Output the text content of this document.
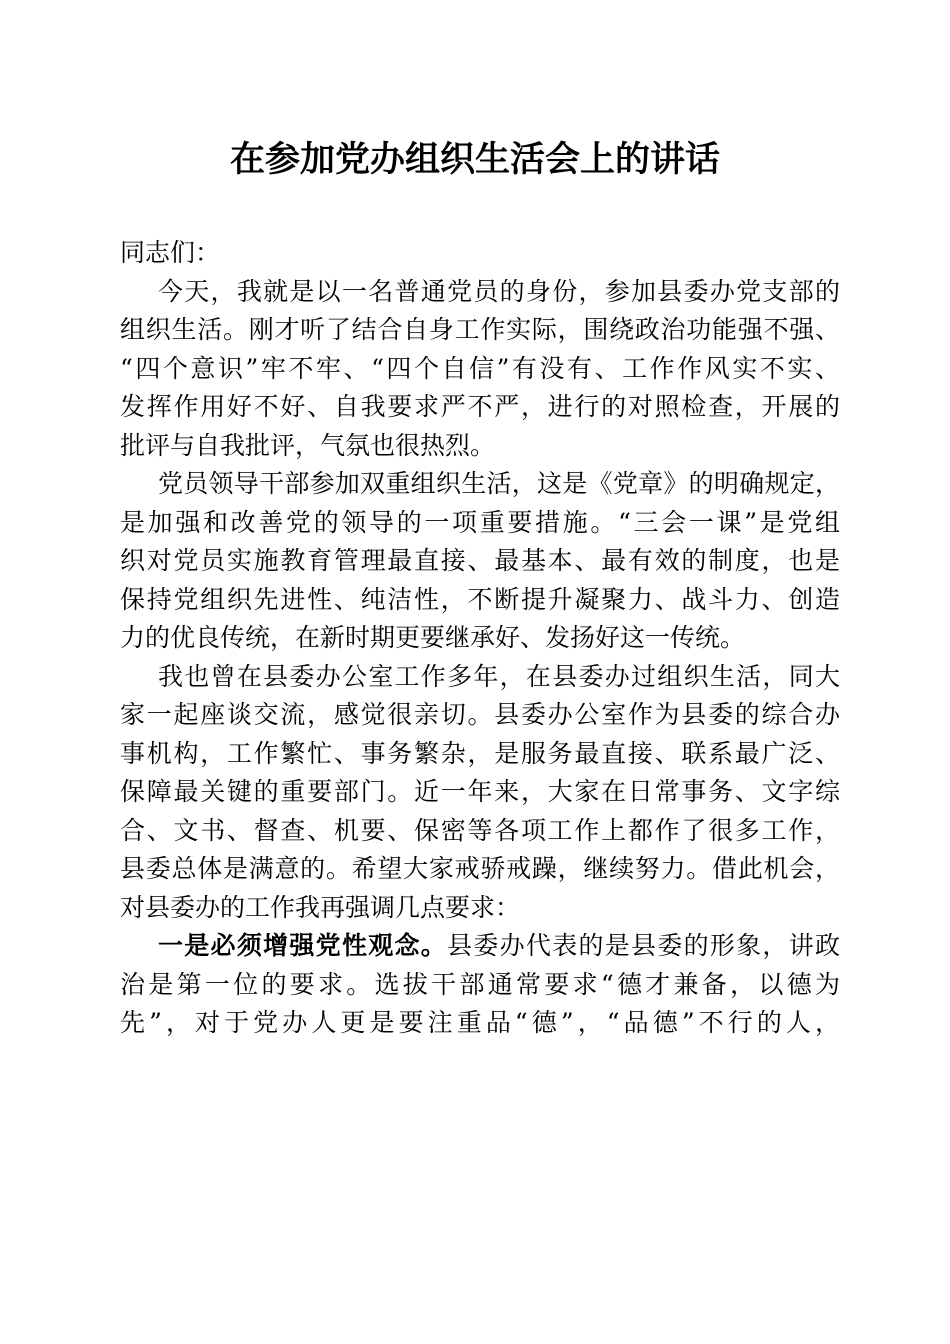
在参加党办组织生活会上的讲话
同志们：
今天，我就是以一名普通党员的身份，参加县委办党支部的
组织生活。刚才听了结合自身工作实际，围绕政治功能强不强、
“四个意识”牢不牢、“四个自信”有没有、工作作风实不实、
发挥作用好不好、自我要求严不严，进行的对照检查，开展的
批评与自我批评，气氛也很热烈。
党员领导干部参加双重组织生活，这是《党章》的明确规定，
是加强和改善党的领导的一项重要措施。“三会一课”是党组
织对党员实施教育管理最直接、最基本、最有效的制度，也是
保持党组织先进性、纯洁性，不断提升凝聚力、战斗力、创造
力的优良传统，在新时期更要继承好、发扬好这一传统。
我也曾在县委办公室工作多年，在县委办过组织生活，同大
家一起座谈交流，感觉很亲切。县委办公室作为县委的综合办
事机构，工作繁忙、事务繁杂，是服务最直接、联系最广泛、
保障最关键的重要部门。近一年来，大家在日常事务、文字综
合、文书、督查、机要、保密等各项工作上都作了很多工作，
县委总体是满意的。希望大家戒骄戒躁，继续努力。借此机会，
对县委办的工作我再强调几点要求：
一是必须增强党性观念。县委办代表的是县委的形象，讲政
治是第一位的要求。选拔干部通常要求“德才兼备，以德为
先”，对于党办人更是要注重品“德”，“品德”不行的人，
